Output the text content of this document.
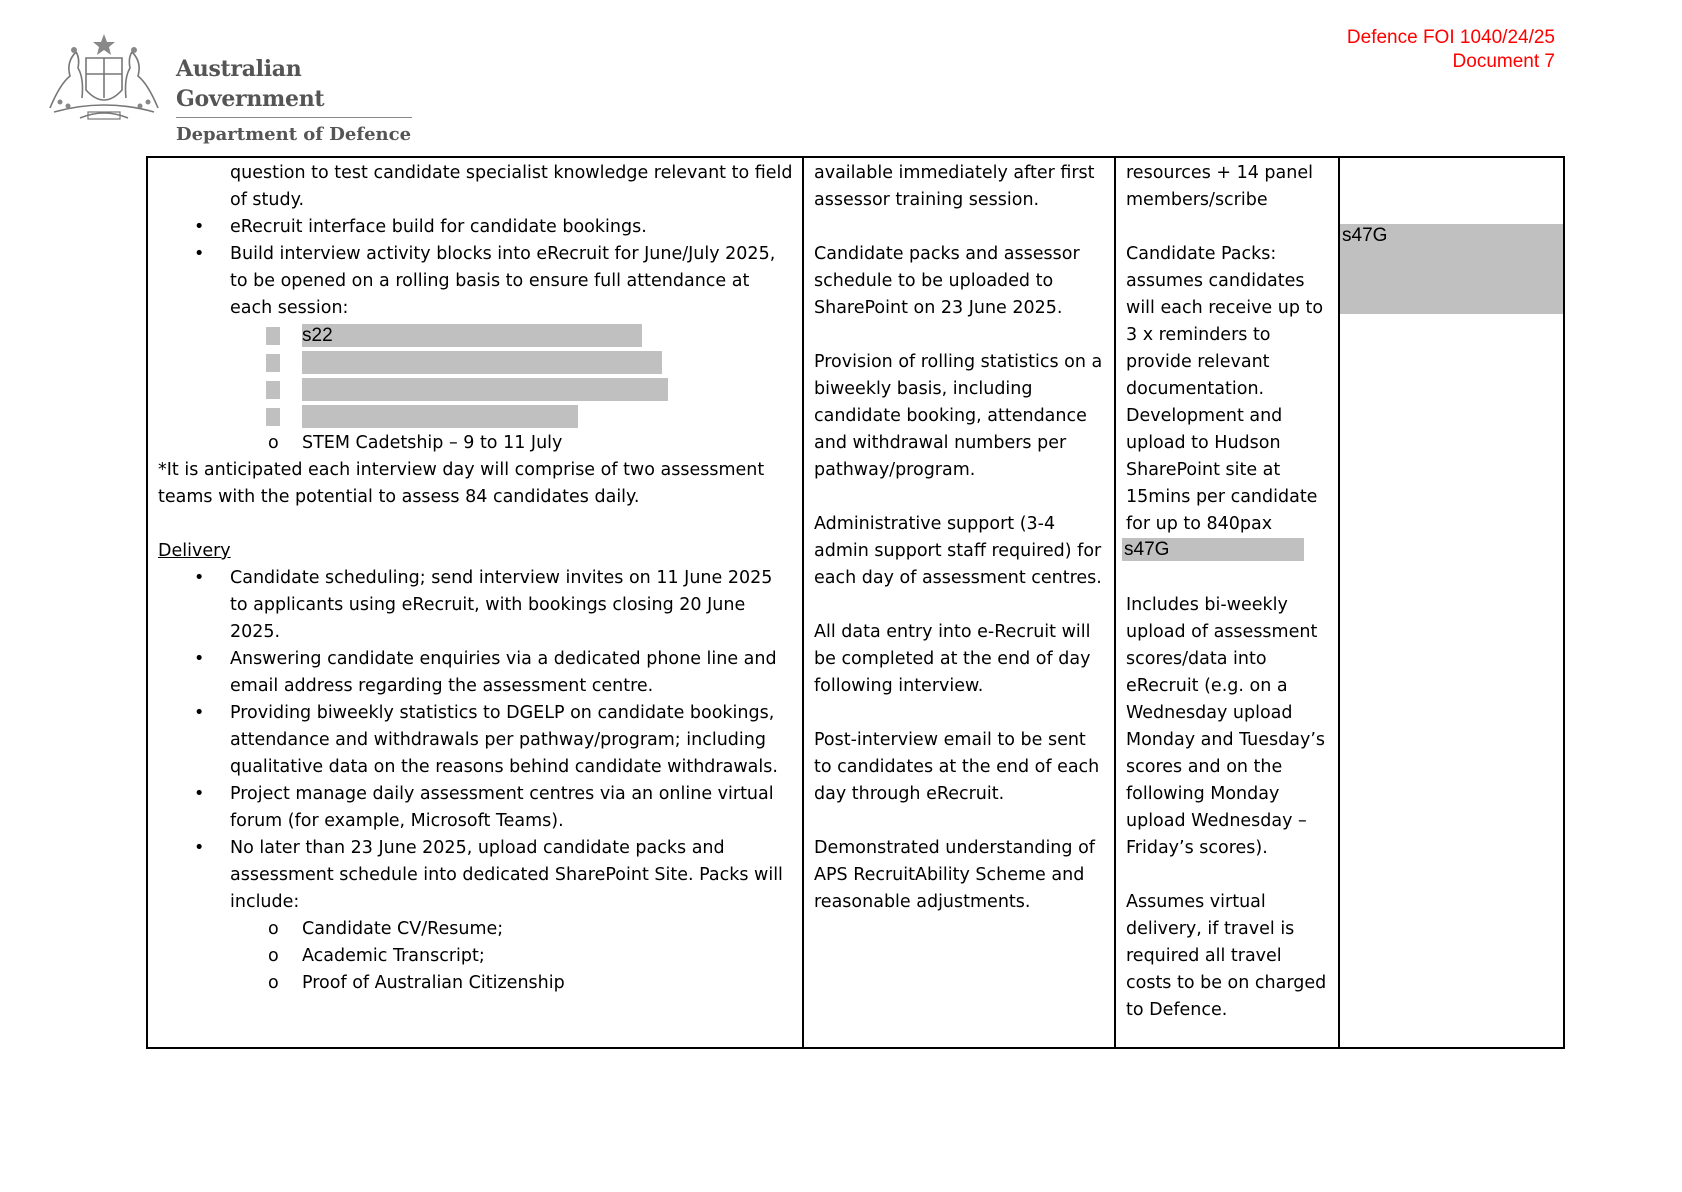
Australian Government
Department of Defence
Defence FOI 1040/24/25
Document 7
question to test candidate specialist knowledge relevant to field of study.
• eRecruit interface build for candidate bookings.
• Build interview activity blocks into eRecruit for June/July 2025, to be opened on a rolling basis to ensure full attendance at each session:
s22
o STEM Cadetship – 9 to 11 July

*It is anticipated each interview day will comprise of two assessment teams with the potential to assess 84 candidates daily.

Delivery

• Candidate scheduling; send interview invites on 11 June 2025 to applicants using eRecruit, with bookings closing 20 June 2025.
• Answering candidate enquiries via a dedicated phone line and email address regarding the assessment centre.
• Providing biweekly statistics to DGELP on candidate bookings, attendance and withdrawals per pathway/program; including qualitative data on the reasons behind candidate withdrawals.
• Project manage daily assessment centres via an online virtual forum (for example, Microsoft Teams).
• No later than 23 June 2025, upload candidate packs and assessment schedule into dedicated SharePoint Site. Packs will include:
o Candidate CV/Resume;
o Academic Transcript;
o Proof of Australian Citizenship

available immediately after first assessor training session.

Candidate packs and assessor schedule to be uploaded to SharePoint on 23 June 2025.

Provision of rolling statistics on a biweekly basis, including candidate booking, attendance and withdrawal numbers per pathway/program.

Administrative support (3-4 admin support staff required) for each day of assessment centres.

All data entry into e-Recruit will be completed at the end of day following interview.

Post-interview email to be sent to candidates at the end of each day through eRecruit.

Demonstrated understanding of APS RecruitAbility Scheme and reasonable adjustments.

resources + 14 panel members/scribe

Candidate Packs: assumes candidates will each receive up to 3 x reminders to provide relevant documentation. Development and upload to Hudson SharePoint site at 15mins per candidate for up to 840pax

s47G

Includes bi-weekly upload of assessment scores/data into eRecruit (e.g. on a Wednesday upload Monday and Tuesday’s scores and on the following Monday upload Wednesday – Friday’s scores).

Assumes virtual delivery, if travel is required all travel costs to be on charged to Defence.

s47G
